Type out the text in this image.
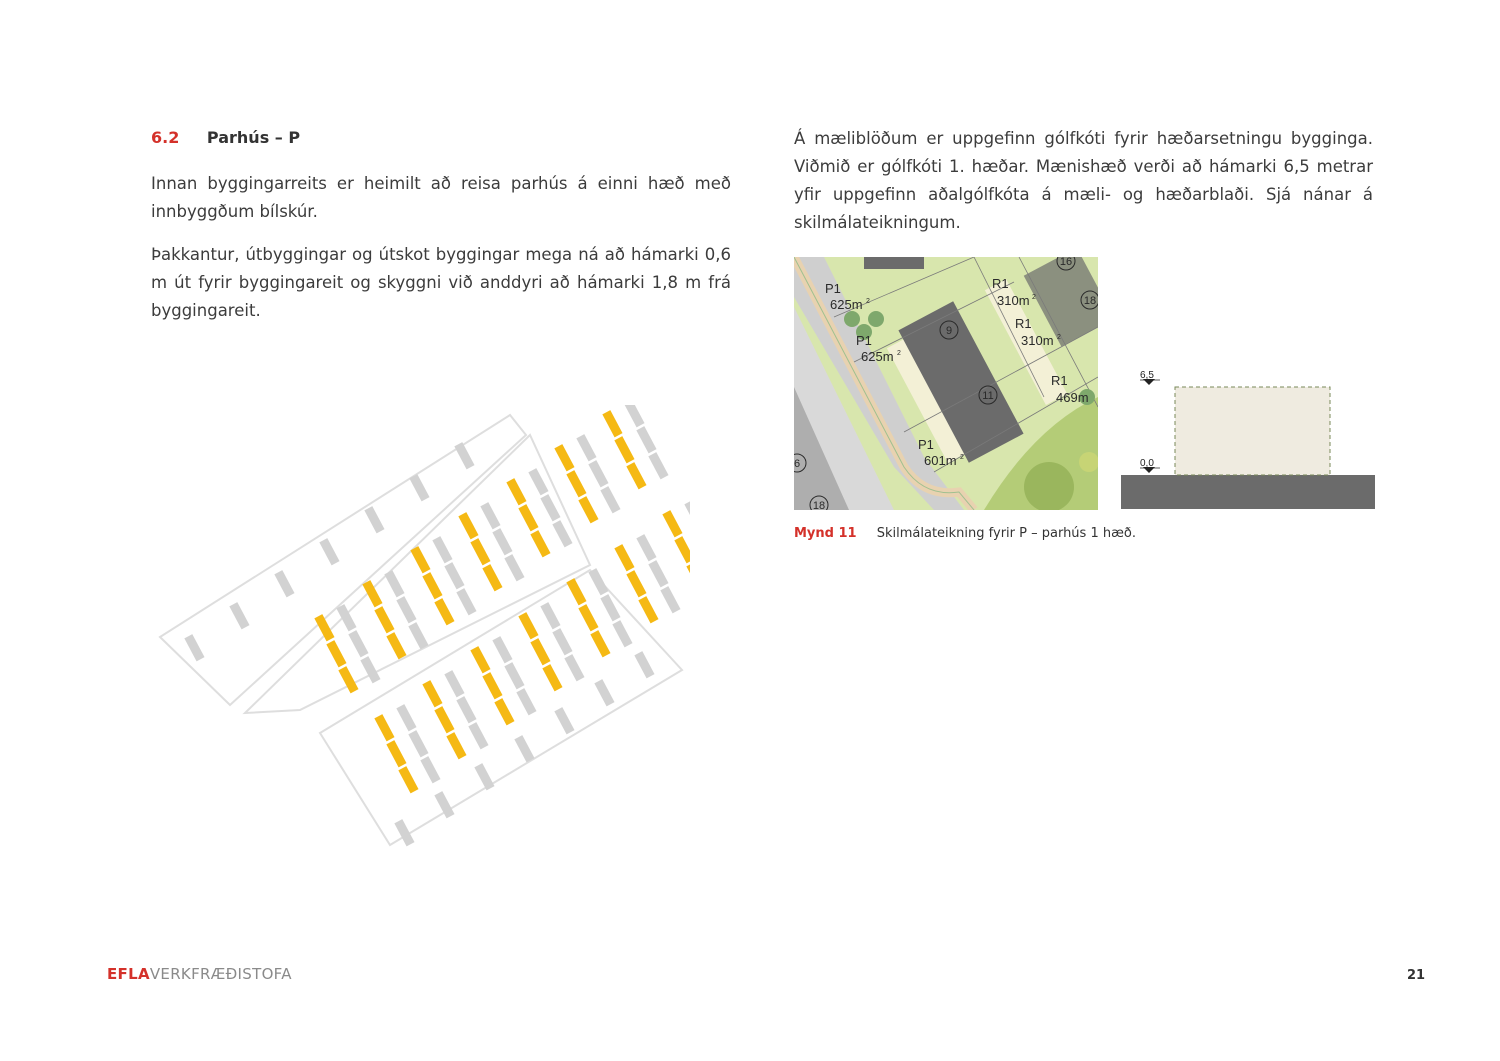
6.2 Parhús – P

Innan byggingarreits er heimilt að reisa parhús á einni hæð með innbyggðum bílskúr.

Þakkantur, útbyggingar og útskot byggingar mega ná að hámarki 0,6 m út fyrir byggingareit og skyggni við anddyri að hámarki 1,8 m frá byggingareit.

Á mæliblöðum er uppgefinn gólfkóti fyrir hæðarsetningu bygginga. Viðmið er gólfkóti 1. hæðar. Mænishæð verði að hámarki 6,5 metrar yfir uppgefinn aðalgólfkóta á mæli- og hæðarblaði. Sjá nánar á skilmálateikningum.

P1
625m
P1
625m
P1
601m
R1
310m
R1
310m
R1
469m
2
2
2
2
2
9
11
16
18
18
6
6,5
0,0
Mynd 11 Skilmálateikning fyrir P – parhús 1 hæð.
EFLAVERKFRÆÐISTOFA	21
